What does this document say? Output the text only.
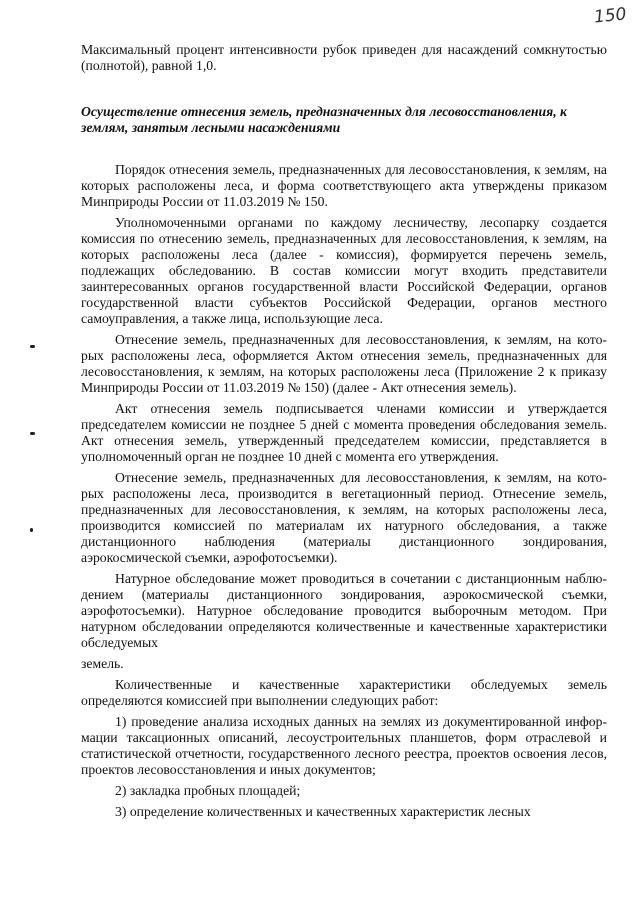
150

Максимальный процент интенсивности рубок приведен для насаждений сомкнутостью (полнотой), равной 1,0.

Осуществление отнесения земель, предназначенных для лесовосстановления, к землям, занятым лесными насаждениями

Порядок отнесения земель, предназначенных для лесовосстановления, к землям, на которых расположены леса, и форма соответствующего акта утверждены приказом Минприроды России от 11.03.2019 № 150.

Уполномоченными органами по каждому лесничеству, лесопарку создается комиссия по отнесению земель, предназначенных для лесовосстановления, к землям, на которых расположены леса (далее - комиссия), формируется перечень земель, подлежащих обследованию. В состав комиссии могут входить представители заинтересованных органов государственной власти Российской Федерации, органов государственной власти субъектов Российской Федерации, органов местного самоуправления, а также лица, использующие леса.

Отнесение земель, предназначенных для лесовосстановления, к землям, на кото-рых расположены леса, оформляется Актом отнесения земель, предназначенных для лесовосстановления, к землям, на которых расположены леса (Приложение 2 к приказу Минприроды России от 11.03.2019 № 150) (далее - Акт отнесения земель).

Акт отнесения земель подписывается членами комиссии и утверждается председателем комиссии не позднее 5 дней с момента проведения обследования земель. Акт отнесения земель, утвержденный председателем комиссии, представляется в уполномоченный орган не позднее 10 дней с момента его утверждения.

Отнесение земель, предназначенных для лесовосстановления, к землям, на кото-рых расположены леса, производится в вегетационный период. Отнесение земель, предназначенных для лесовосстановления, к землям, на которых расположены леса, производится комиссией по материалам их натурного обследования, а также дистанционного наблюдения (материалы дистанционного зондирования, аэрокосмической съемки, аэрофотосъемки).

Натурное обследование может проводиться в сочетании с дистанционным наблю-дением (материалы дистанционного зондирования, аэрокосмической съемки, аэрофотосъемки). Натурное обследование проводится выборочным методом. При натурном обследовании определяются количественные и качественные характеристики обследуемых

земель.

Количественные и качественные характеристики обследуемых земель определяются комиссией при выполнении следующих работ:

1) проведение анализа исходных данных на землях из документированной инфор-мации таксационных описаний, лесоустроительных планшетов, форм отраслевой и статистической отчетности, государственного лесного реестра, проектов освоения лесов, проектов лесовосстановления и иных документов;

2) закладка пробных площадей;

3) определение количественных и качественных характеристик лесных
